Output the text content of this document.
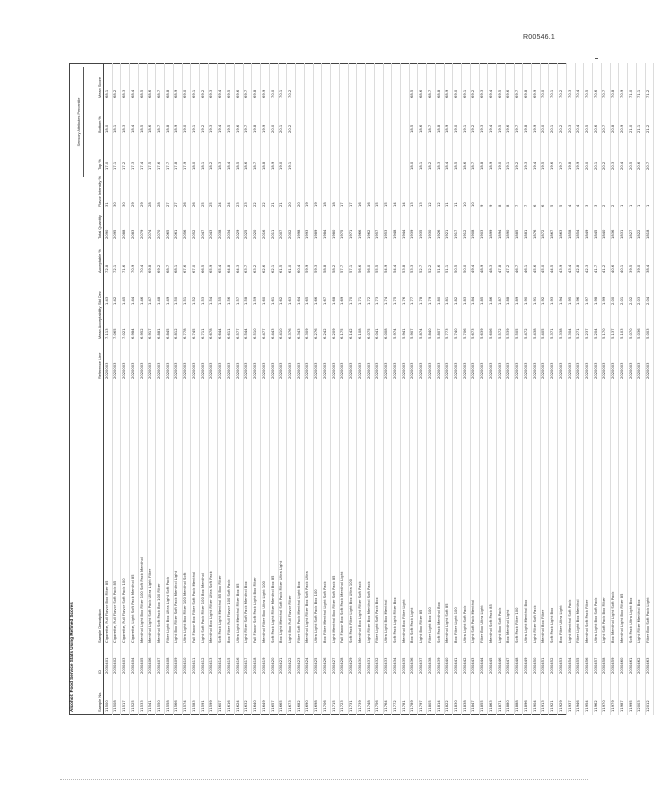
R00546.1
Alcohol: Food Service Stats Using Refined Scores
Sensory Attributes Percentile
Sample No.
ID
Sample Description
Reference Line
Mean Acceptability
Std Dev
Acceptable %
Total Quantity
Flavor Intensity %
Top %
Bottom %
Mean Score
11500
2030401
Cigarette, Full Flavor Box Filter 85
2020003
7.113
1.43
72.8
2090
31
17.0
18.0
68.1
11508
2030402
Cigarette, Full Flavor Soft Pack 85
2020003
7.065
1.42
72.1
2095
30
17.1
18.1
68.2
11517
2030403
Cigarette, Full Flavor Soft Pack 100
2020003
7.021
1.45
71.6
2088
30
17.2
18.3
68.3
11525
2030404
Cigarette, Light Soft Pack Menthol 85
2020003
6.984
1.44
70.9
2083
29
17.3
18.4
68.4
11533
2030405
Menthol Light Box Filter 100 Soft Pack Menthol
2020003
6.952
1.46
70.4
2079
29
17.4
18.5
68.5
11541
2030406
Menthol Light Soft Pack Ultra Light Filter
2020003
6.917
1.47
69.8
2074
28
17.5
18.6
68.6
11550
2030407
Menthol Soft Pack Box 100 Filter
2020003
6.881
1.48
69.2
2070
28
17.6
18.7
68.7
11558
2030408
Filter Light Box Ultra Light Soft Pack
2020003
6.845
1.49
68.7
2065
27
17.7
18.8
68.8
11566
2030409
Light Box Filter Soft Pack Menthol Light
2020003
6.812
1.50
68.1
2061
27
17.8
18.9
68.9
11574
2030410
Ultra Light Box Filter 100 Menthol Soft
2020003
6.778
1.51
67.6
2056
26
17.9
19.0
69.0
11583
2030411
Full Flavor Box Filter Soft Pack Menthol
2020003
6.745
1.52
67.0
2052
26
18.0
19.1
69.1
11591
2030412
Light Soft Pack Filter 100 Box Menthol
2020003
6.711
1.53
66.5
2047
25
18.1
19.2
69.2
11599
2030413
Menthol Box Light Filter Ultra Soft Pack
2020003
6.678
1.54
65.9
2043
25
18.2
19.3
69.3
11607
2030414
Soft Pack Light Menthol 85 Box Filter
2020003
6.644
1.55
65.4
2038
24
18.3
19.4
69.4
11616
2030415
Box Filter Full Flavor 100 Soft Pack
2020003
6.611
1.56
64.8
2034
24
18.4
19.5
69.5
11624
2030416
Ultra Light Menthol Filter Box 85
2020003
6.577
1.57
64.3
2029
23
18.5
19.6
69.6
11632
2030417
Light Filter Soft Pack Menthol Box
2020003
6.544
1.58
63.7
2025
23
18.6
19.7
69.7
11640
2030418
Full Flavor Soft Pack Light Box Filter
2020003
6.510
1.59
63.2
2020
22
18.7
19.8
69.8
11649
2030419
Menthol Filter Box Ultra Light 100
2020003
6.477
1.60
62.6
2016
22
18.8
19.9
69.9
11657
2030420
Soft Pack Light Filter Menthol Box 85
2020003
6.443
1.61
62.1
2011
21
18.9
20.0
70.0
11665
2030421
Box Light Menthol Soft Pack Filter Ultra Light
2020003
6.410
1.62
61.5
2007
21
19.0
20.1
70.1
11673
2030422
Light Box Full Flavor Filter
2020003
6.376
1.63
61.0
2002
20
19.1
20.2
70.2
11682
2030423
Filter Soft Pack Menthol Light Box
2020003
6.343
1.64
60.4
1998
20
11690
2030424
Menthol Light Filter Box Soft Pack Ultra
2020003
6.309
1.65
59.9
1993
19
11698
2030425
Ultra Light Soft Pack Box 100
2020003
6.276
1.66
59.3
1989
19
11706
2030426
Box Filter Menthol Light Soft Pack
2020003
6.242
1.67
58.8
1984
18
11715
2030427
Light Menthol Box Filter Soft Pack 85
2020003
6.209
1.68
58.2
1980
18
11723
2030428
Full Flavor Box Soft Pack Menthol Light
2020003
6.175
1.69
57.7
1975
17
11731
2030429
Soft Pack Filter Light Box Ultra 100
2020003
6.142
1.70
57.1
1971
17
11739
2030430
Menthol Box Light Filter Soft Pack
2020003
6.108
1.71
56.6
1966
16
11748
2030431
Light Filter Box Menthol Soft Pack
2020003
6.075
1.72
56.0
1962
16
11756
2030432
Filter Light Soft Pack Box
2020003
6.041
1.73
55.5
1957
15
11764
2030433
Ultra Light Box Menthol
2020003
6.008
1.74
54.9
1953
15
11772
2030434
Soft Pack Light Filter Box
2020003
5.974
1.75
54.4
1948
14
11781
2030435
Menthol Box Filter Light
2020003
5.941
1.76
53.8
1944
14
11789
2030436
Box Soft Pack Light
2020003
5.907
1.77
53.3
1939
13
18.0
18.5
68.5
11797
2030437
Light Box Filter 85
2020003
5.874
1.78
52.7
1935
13
18.1
18.6
68.6
11805
2030438
Filter Light Box 100
2020003
5.840
1.79
52.2
1930
12
18.2
18.7
68.7
11814
2030439
Soft Pack Menthol Box
2020003
5.807
1.80
51.6
1926
12
18.3
18.8
68.8
11822
2030440
Menthol Light Soft 85
2020003
5.773
1.81
51.1
1921
11
18.4
18.9
68.9
11830
2030441
Box Filter Light 100
2020003
5.740
1.82
50.5
1917
11
18.5
19.0
69.0
11838
2030442
Ultra Light Soft Pack
2020003
5.706
1.83
50.0
1912
10
18.6
19.1
69.1
11847
2030443
Light Soft Pack Menthol
2020003
5.673
1.84
49.4
1908
10
18.7
19.2
69.2
11855
2030444
Filter Box Ultra Light
2020003
5.639
1.85
48.9
1903
9
18.8
19.3
69.3
11863
2030445
Menthol Soft Pack 85
2020003
5.606
1.86
48.3
1899
9
18.9
19.4
69.4
11871
2030446
Light Box Soft Pack
2020003
5.572
1.87
47.8
1894
8
19.0
19.5
69.5
11880
2030447
Box Menthol Light
2020003
5.539
1.88
47.2
1890
8
19.1
19.6
69.6
11888
2030448
Soft Pack Filter 100
2020003
5.505
1.89
46.7
1885
7
19.2
19.7
69.7
11896
2030449
Ultra Light Menthol Box
2020003
5.472
1.90
46.1
1881
7
19.3
19.8
69.8
11904
2030450
Light Filter Soft Pack
2020003
5.438
1.91
45.6
1876
6
19.4
19.9
69.9
11913
2030451
Menthol Box Filter
2020003
5.405
1.92
45.0
1872
6
19.5
20.0
70.0
11921
2030452
Soft Pack Light Box
2020003
5.371
1.93
44.5
1867
5
19.6
20.1
70.1
11929
2030453
Box Filter Ultra Light
2020003
5.338
1.94
43.9
1863
5
19.7
20.2
70.2
11937
2030454
Light Menthol Soft Pack
2020003
5.304
1.95
43.4
1858
4
19.8
20.3
70.3
11946
2030455
Filter Light Box Menthol
2020003
5.271
1.96
42.8
1854
4
19.9
20.4
70.4
11954
2030456
Menthol Soft Pack Filter
2020003
5.237
1.97
42.3
1849
3
20.0
20.5
70.5
11962
2030457
Ultra Light Box Soft Pack
2020003
5.204
1.98
41.7
1845
3
20.1
20.6
70.6
11970
2030458
Light Soft Pack Box Filter
2020003
5.170
1.99
41.2
1840
2
20.2
20.7
70.7
11979
2030459
Box Menthol Light Soft Pack
2020003
5.137
2.00
40.6
1836
2
20.3
20.8
70.8
11987
2030460
Menthol Light Box Filter 85
2020003
5.103
2.01
40.1
1831
1
20.4
20.9
70.9
11995
2030461
Soft Pack Ultra Light Box
2020003
5.070
2.02
39.5
1827
1
20.5
21.0
71.0
12003
2030462
Light Filter Menthol Box
2020003
5.036
2.03
39.0
1822
1
20.6
21.1
71.1
12012
2030463
Filter Box Soft Pack Light
2020003
5.003
2.04
38.4
1818
1
20.7
21.2
71.2
